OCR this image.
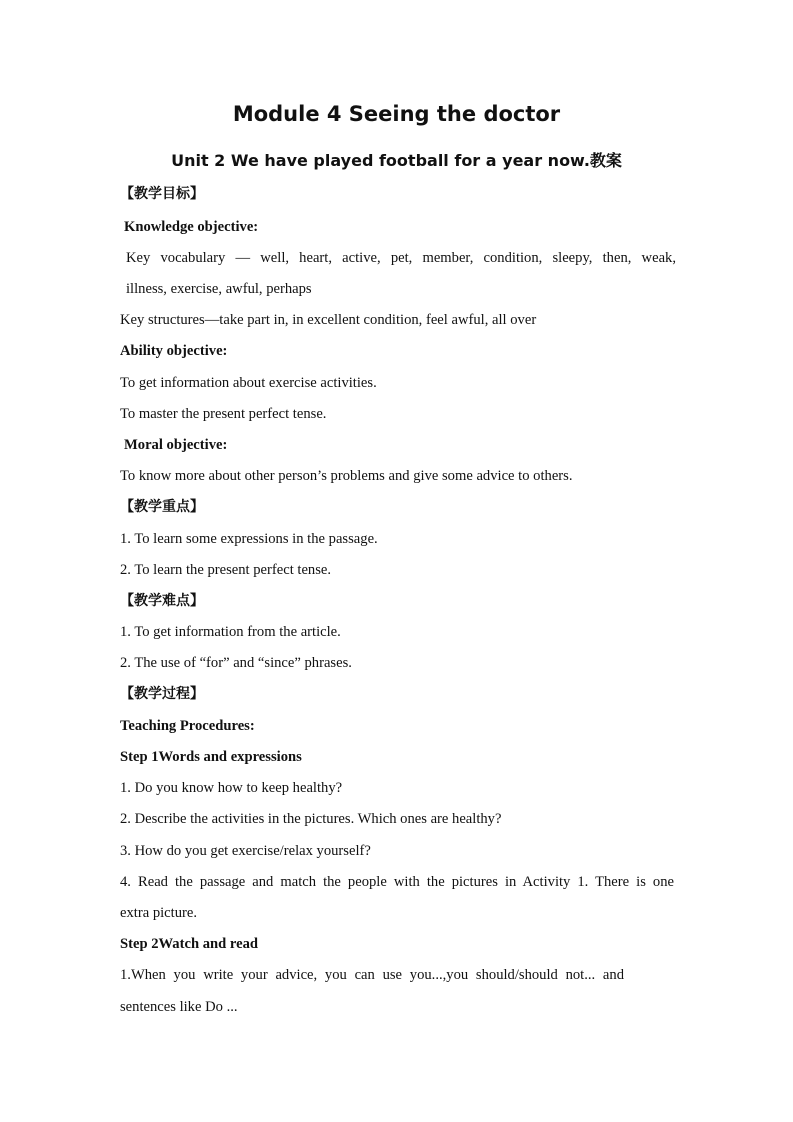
Module 4 Seeing the doctor
Unit 2 We have played football for a year now.教案
【教学目标】
Knowledge objective:
Key vocabulary — well, heart, active, pet, member, condition, sleepy, then, weak,
illness, exercise, awful, perhaps
Key structures—take part in, in excellent condition, feel awful, all over
Ability objective:
To get information about exercise activities.
To master the present perfect tense.
Moral objective:
To know more about other person’s problems and give some advice to others.
【教学重点】
1. To learn some expressions in the passage.
2. To learn the present perfect tense.
【教学难点】
1. To get information from the article.
2. The use of “for” and “since” phrases.
【教学过程】
Teaching Procedures:
Step 1Words and expressions
1. Do you know how to keep healthy?
2. Describe the activities in the pictures. Which ones are healthy?
3. How do you get exercise/relax yourself?
4. Read the passage and match the people with the pictures in Activity 1. There is one
extra picture.
Step 2Watch and read
1.When you write your advice, you can use you...,you should/should not... and
sentences like Do ...
